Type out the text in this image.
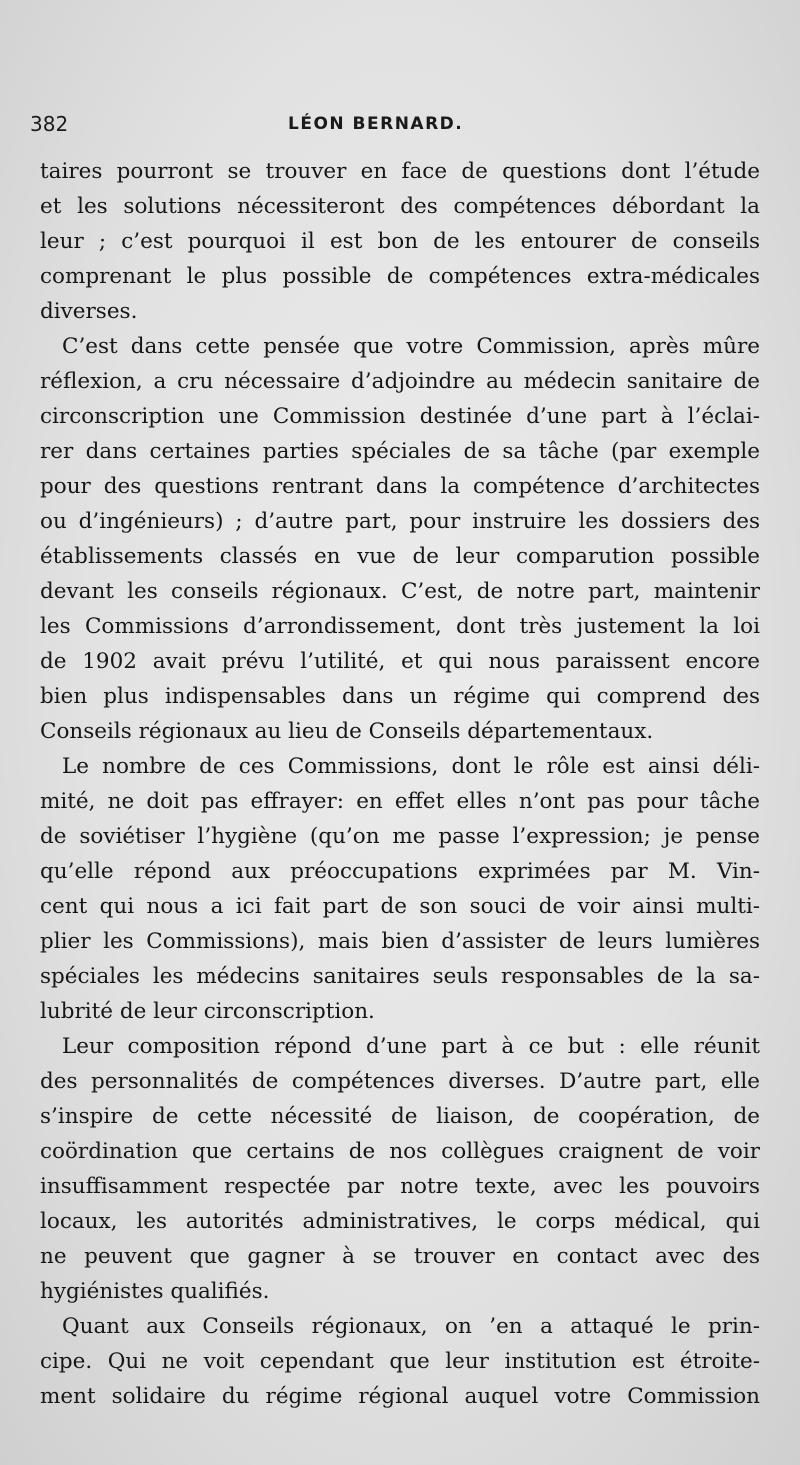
382	LÉON BERNARD.
taires pourront se trouver en face de questions dont l’étude
et les solutions nécessiteront des compétences débordant la
leur ; c’est pourquoi il est bon de les entourer de conseils
comprenant le plus possible de compétences extra-médicales
diverses.
C’est dans cette pensée que votre Commission, après mûre
réflexion, a cru nécessaire d’adjoindre au médecin sanitaire de
circonscription une Commission destinée d’une part à l’éclai-
rer dans certaines parties spéciales de sa tâche (par exemple
pour des questions rentrant dans la compétence d’architectes
ou d’ingénieurs) ; d’autre part, pour instruire les dossiers des
établissements classés en vue de leur comparution possible
devant les conseils régionaux. C’est, de notre part, maintenir
les Commissions d’arrondissement, dont très justement la loi
de 1902 avait prévu l’utilité, et qui nous paraissent encore
bien plus indispensables dans un régime qui comprend des
Conseils régionaux au lieu de Conseils départementaux.
Le nombre de ces Commissions, dont le rôle est ainsi déli-
mité, ne doit pas effrayer: en effet elles n’ont pas pour tâche
de soviétiser l’hygiène (qu’on me passe l’expression; je pense
qu’elle répond aux préoccupations exprimées par M. Vin-
cent qui nous a ici fait part de son souci de voir ainsi multi-
plier les Commissions), mais bien d’assister de leurs lumières
spéciales les médecins sanitaires seuls responsables de la sa-
lubrité de leur circonscription.
Leur composition répond d’une part à ce but : elle réunit
des personnalités de compétences diverses. D’autre part, elle
s’inspire de cette nécessité de liaison, de coopération, de
coördination que certains de nos collègues craignent de voir
insuffisamment respectée par notre texte, avec les pouvoirs
locaux, les autorités administratives, le corps médical, qui
ne peuvent que gagner à se trouver en contact avec des
hygiénistes qualifiés.
Quant aux Conseils régionaux, on ’en a attaqué le prin-
cipe. Qui ne voit cependant que leur institution est étroite-
ment solidaire du régime régional auquel votre Commission
